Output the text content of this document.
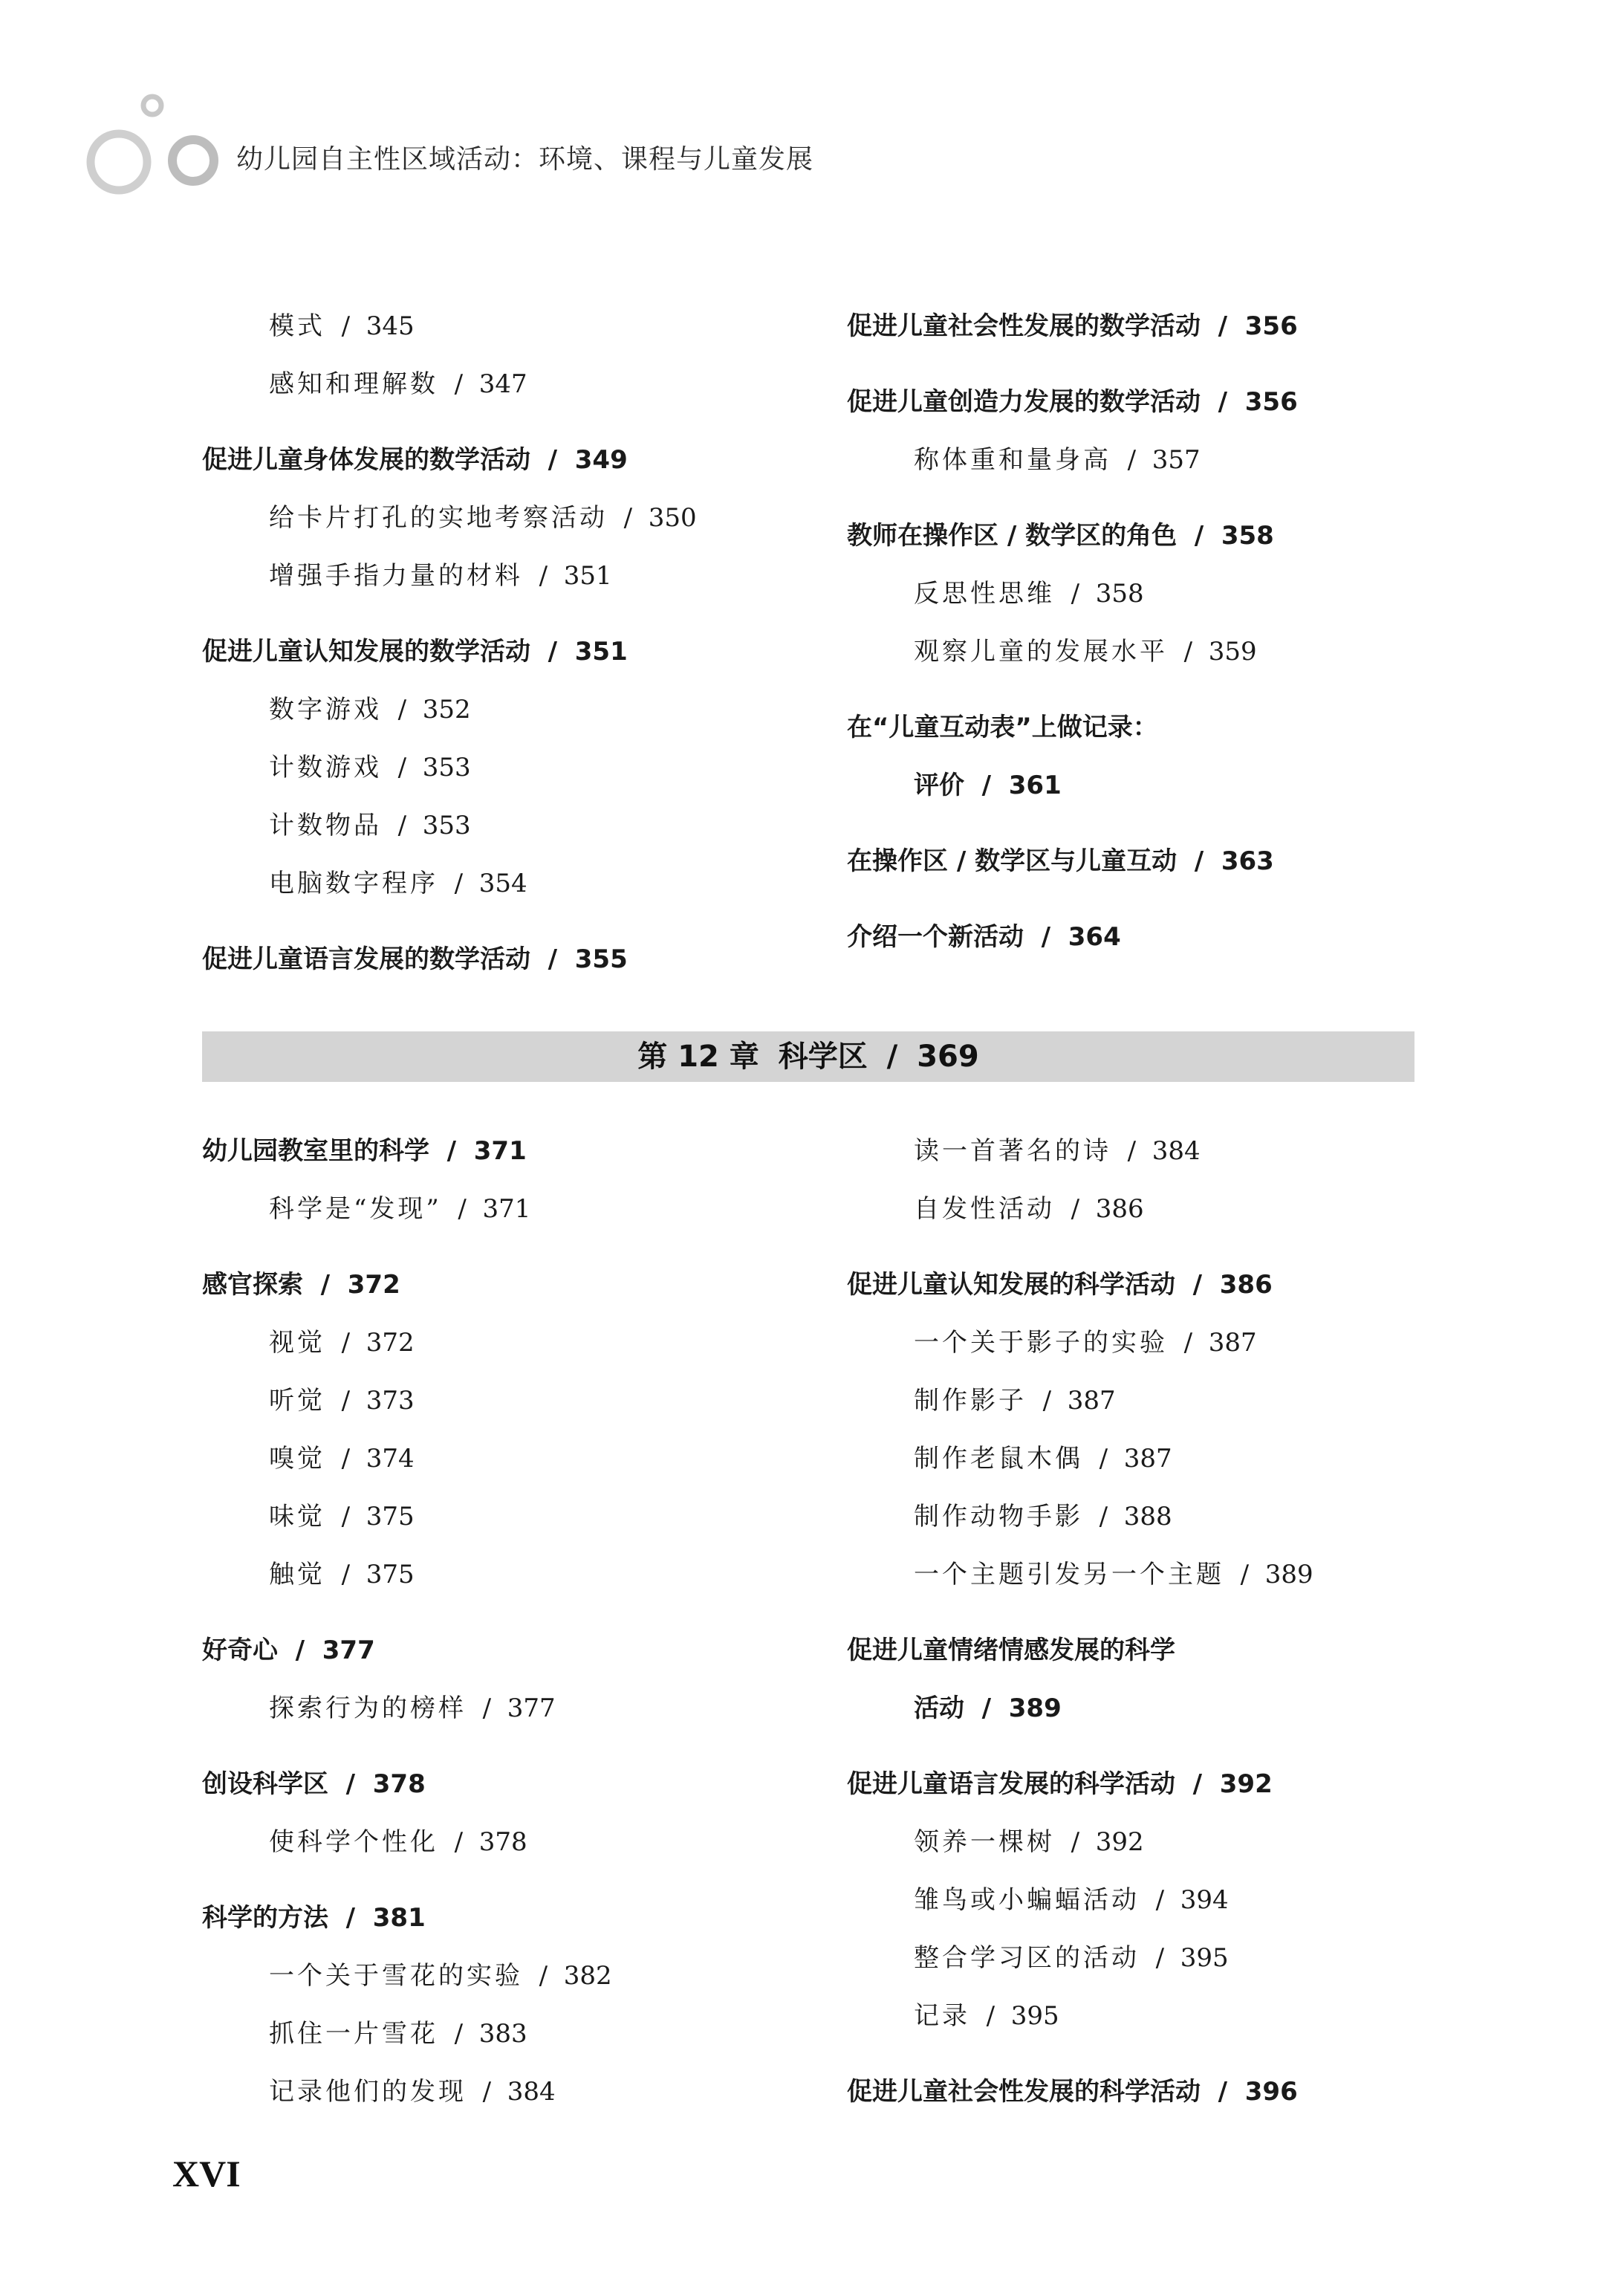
幼儿园自主性区域活动：环境、课程与儿童发展
模式  /  345
感知和理解数  /  347
促进儿童身体发展的数学活动  /  349
给卡片打孔的实地考察活动  /  350
增强手指力量的材料  /  351
促进儿童认知发展的数学活动  /  351
数字游戏  /  352
计数游戏  /  353
计数物品  /  353
电脑数字程序  /  354
促进儿童语言发展的数学活动  /  355
促进儿童社会性发展的数学活动  /  356
促进儿童创造力发展的数学活动  /  356
称体重和量身高  /  357
教师在操作区 / 数学区的角色  /  358
反思性思维  /  358
观察儿童的发展水平  /  359
在“儿童互动表”上做记录：
评价  /  361
在操作区 / 数学区与儿童互动  /  363
介绍一个新活动  /  364
第 12 章 科学区 / 369
幼儿园教室里的科学  /  371
科学是“发现”  /  371
感官探索  /  372
视觉  /  372
听觉  /  373
嗅觉  /  374
味觉  /  375
触觉  /  375
好奇心  /  377
探索行为的榜样  /  377
创设科学区  /  378
使科学个性化  /  378
科学的方法  /  381
一个关于雪花的实验  /  382
抓住一片雪花  /  383
记录他们的发现  /  384
读一首著名的诗  /  384
自发性活动  /  386
促进儿童认知发展的科学活动  /  386
一个关于影子的实验  /  387
制作影子  /  387
制作老鼠木偶  /  387
制作动物手影  /  388
一个主题引发另一个主题  /  389
促进儿童情绪情感发展的科学
活动  /  389
促进儿童语言发展的科学活动  /  392
领养一棵树  /  392
雏鸟或小蝙蝠活动  /  394
整合学习区的活动  /  395
记录  /  395
促进儿童社会性发展的科学活动  /  396
XVI
